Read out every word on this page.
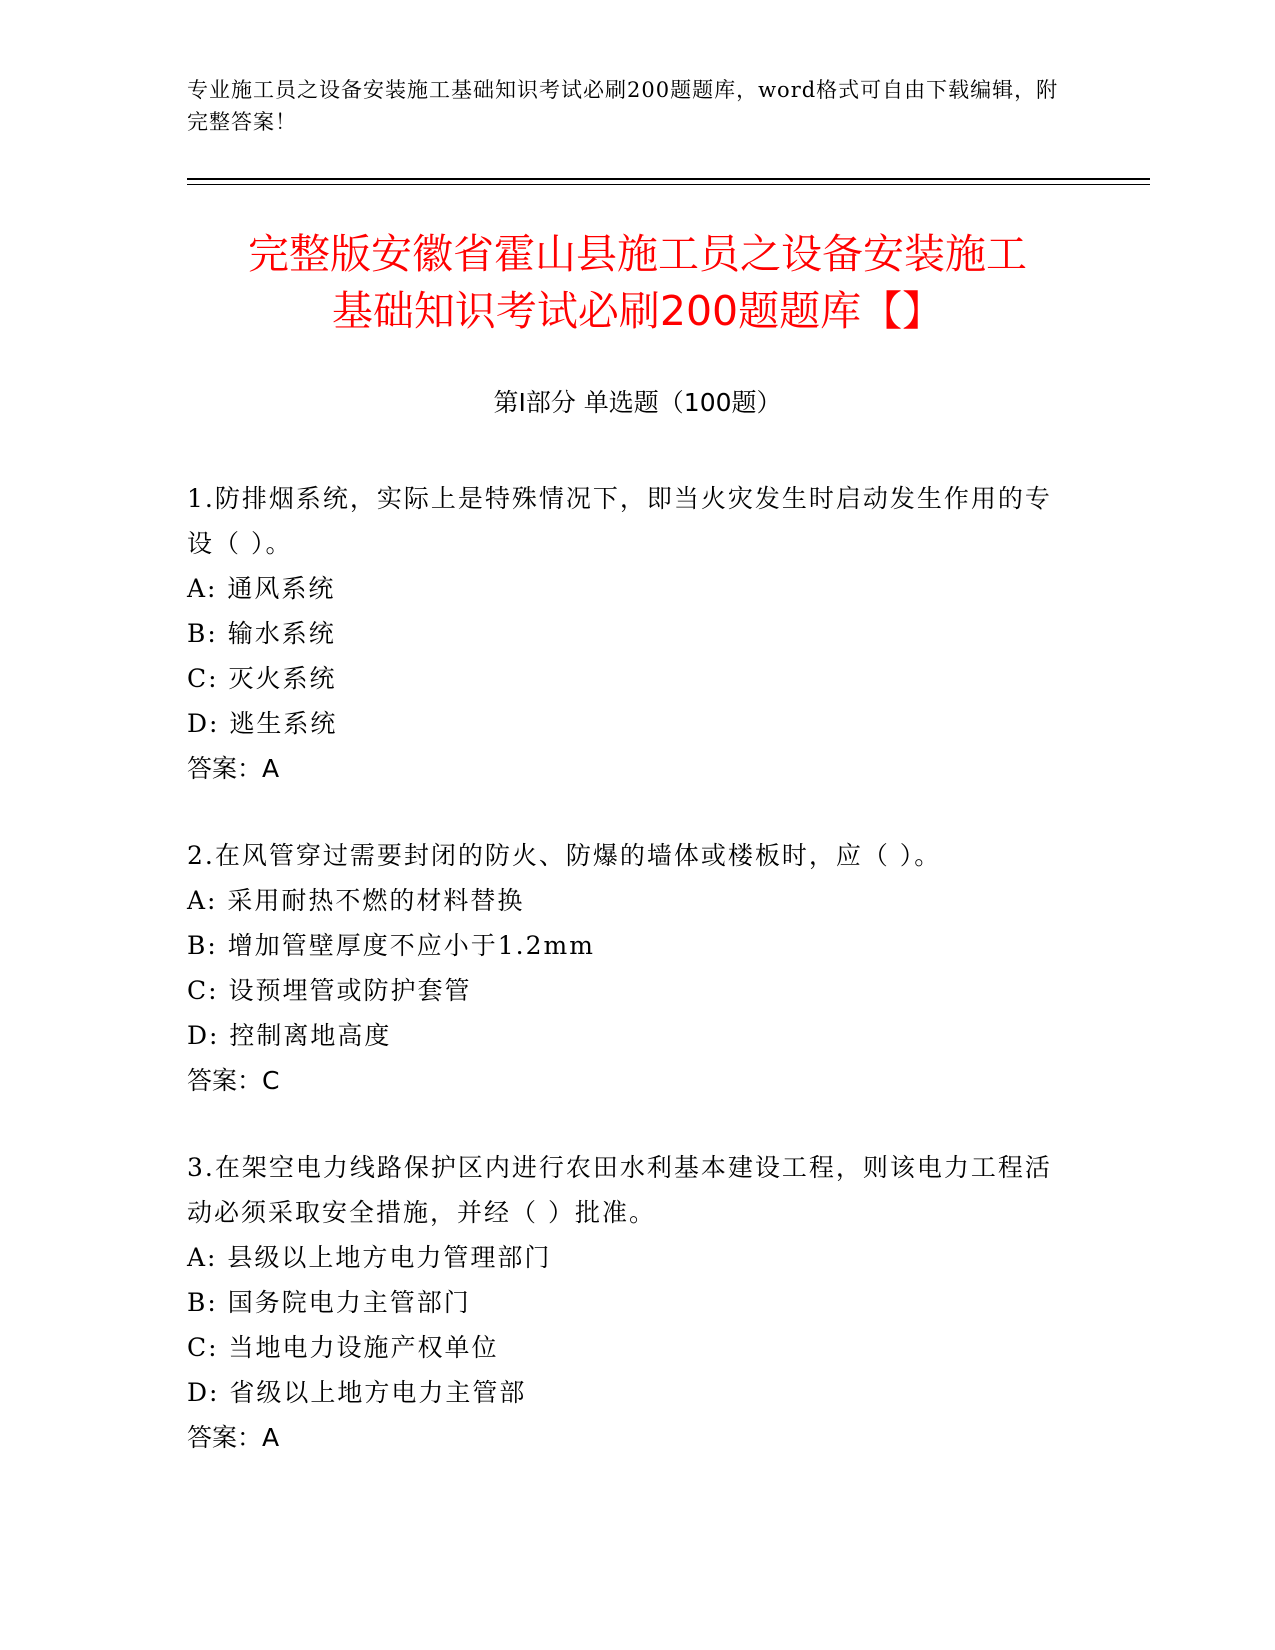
专业施工员之设备安装施工基础知识考试必刷200题题库，word格式可自由下载编辑，附完整答案！
完整版安徽省霍山县施工员之设备安装施工
基础知识考试必刷200题题库【】
第Ⅰ部分 单选题（100题）
1.防排烟系统，实际上是特殊情况下，即当火灾发生时启动发生作用的专设（ ）。
A: 通风系统
B: 输水系统
C: 灭火系统
D: 逃生系统
答案：A
2.在风管穿过需要封闭的防火、防爆的墙体或楼板时，应（ ）。
A: 采用耐热不燃的材料替换
B: 增加管壁厚度不应小于1.2mm
C: 设预埋管或防护套管
D: 控制离地高度
答案：C
3.在架空电力线路保护区内进行农田水利基本建设工程，则该电力工程活动必须采取安全措施，并经（ ）批准。
A: 县级以上地方电力管理部门
B: 国务院电力主管部门
C: 当地电力设施产权单位
D: 省级以上地方电力主管部
答案：A
